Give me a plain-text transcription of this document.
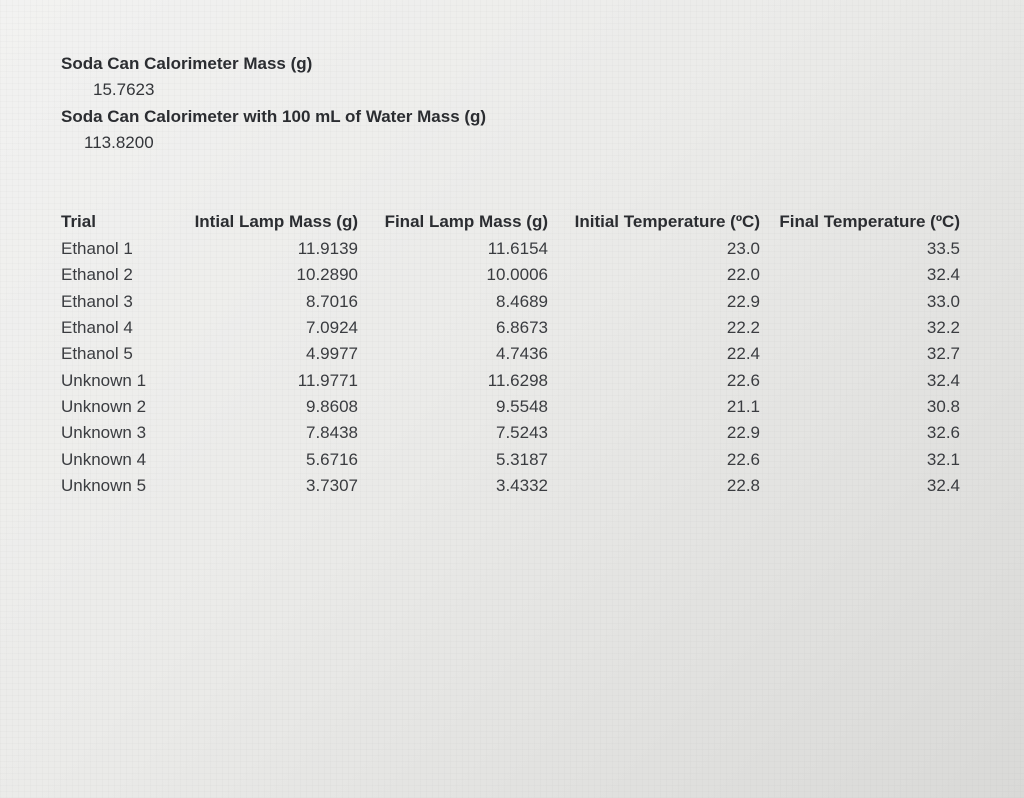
Soda Can Calorimeter Mass (g)
15.7623
Soda Can Calorimeter with 100 mL of Water Mass (g)
113.8200
Trial	Intial Lamp Mass (g)	Final Lamp Mass (g)	Initial Temperature (ºC)	Final Temperature (ºC)
Ethanol 1	11.9139	11.6154	23.0	33.5
Ethanol 2	10.2890	10.0006	22.0	32.4
Ethanol 3	8.7016	8.4689	22.9	33.0
Ethanol 4	7.0924	6.8673	22.2	32.2
Ethanol 5	4.9977	4.7436	22.4	32.7
Unknown 1	11.9771	11.6298	22.6	32.4
Unknown 2	9.8608	9.5548	21.1	30.8
Unknown 3	7.8438	7.5243	22.9	32.6
Unknown 4	5.6716	5.3187	22.6	32.1
Unknown 5	3.7307	3.4332	22.8	32.4
